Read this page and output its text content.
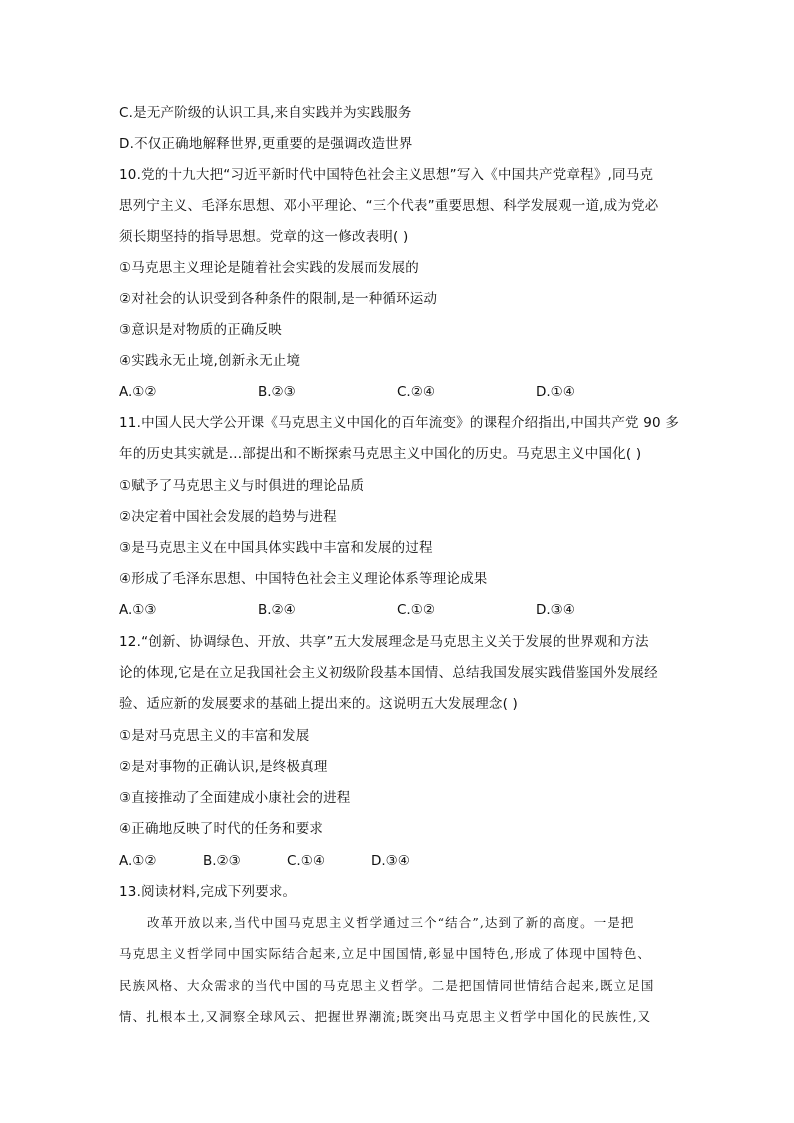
C.是无产阶级的认识工具,来自实践并为实践服务
D.不仅正确地解释世界,更重要的是强调改造世界
10.党的十九大把“习近平新时代中国特色社会主义思想”写入《中国共产党章程》,同马克
思列宁主义、毛泽东思想、邓小平理论、“三个代表”重要思想、科学发展观一道,成为党必
须长期坚持的指导思想。党章的这一修改表明( )
①马克思主义理论是随着社会实践的发展而发展的
②对社会的认识受到各种条件的限制,是一种循环运动
③意识是对物质的正确反映
④实践永无止境,创新永无止境
A.①②	B.②③	C.②④	D.①④
11.中国人民大学公开课《马克思主义中国化的百年流变》的课程介绍指出,中国共产党 90 多
年的历史其实就是…部提出和不断探索马克思主义中国化的历史。马克思主义中国化( )
①赋予了马克思主义与时俱进的理论品质
②决定着中国社会发展的趋势与进程
③是马克思主义在中国具体实践中丰富和发展的过程
④形成了毛泽东思想、中国特色社会主义理论体系等理论成果
A.①③	B.②④	C.①②	D.③④
12.“创新、协调绿色、开放、共享”五大发展理念是马克思主义关于发展的世界观和方法
论的体现,它是在立足我国社会主义初级阶段基本国情、总结我国发展实践借鉴国外发展经
验、适应新的发展要求的基础上提出来的。这说明五大发展理念( )
①是对马克思主义的丰富和发展
②是对事物的正确认识,是终极真理
③直接推动了全面建成小康社会的进程
④正确地反映了时代的任务和要求
A.①②	B.②③	C.①④	D.③④
13.阅读材料,完成下列要求。
改革开放以来,当代中国马克思主义哲学通过三个“结合”,达到了新的高度。一是把
马克思主义哲学同中国实际结合起来,立足中国国情,彰显中国特色,形成了体现中国特色、
民族风格、大众需求的当代中国的马克思主义哲学。二是把国情同世情结合起来,既立足国
情、扎根本土,又洞察全球风云、把握世界潮流;既突出马克思主义哲学中国化的民族性,又
